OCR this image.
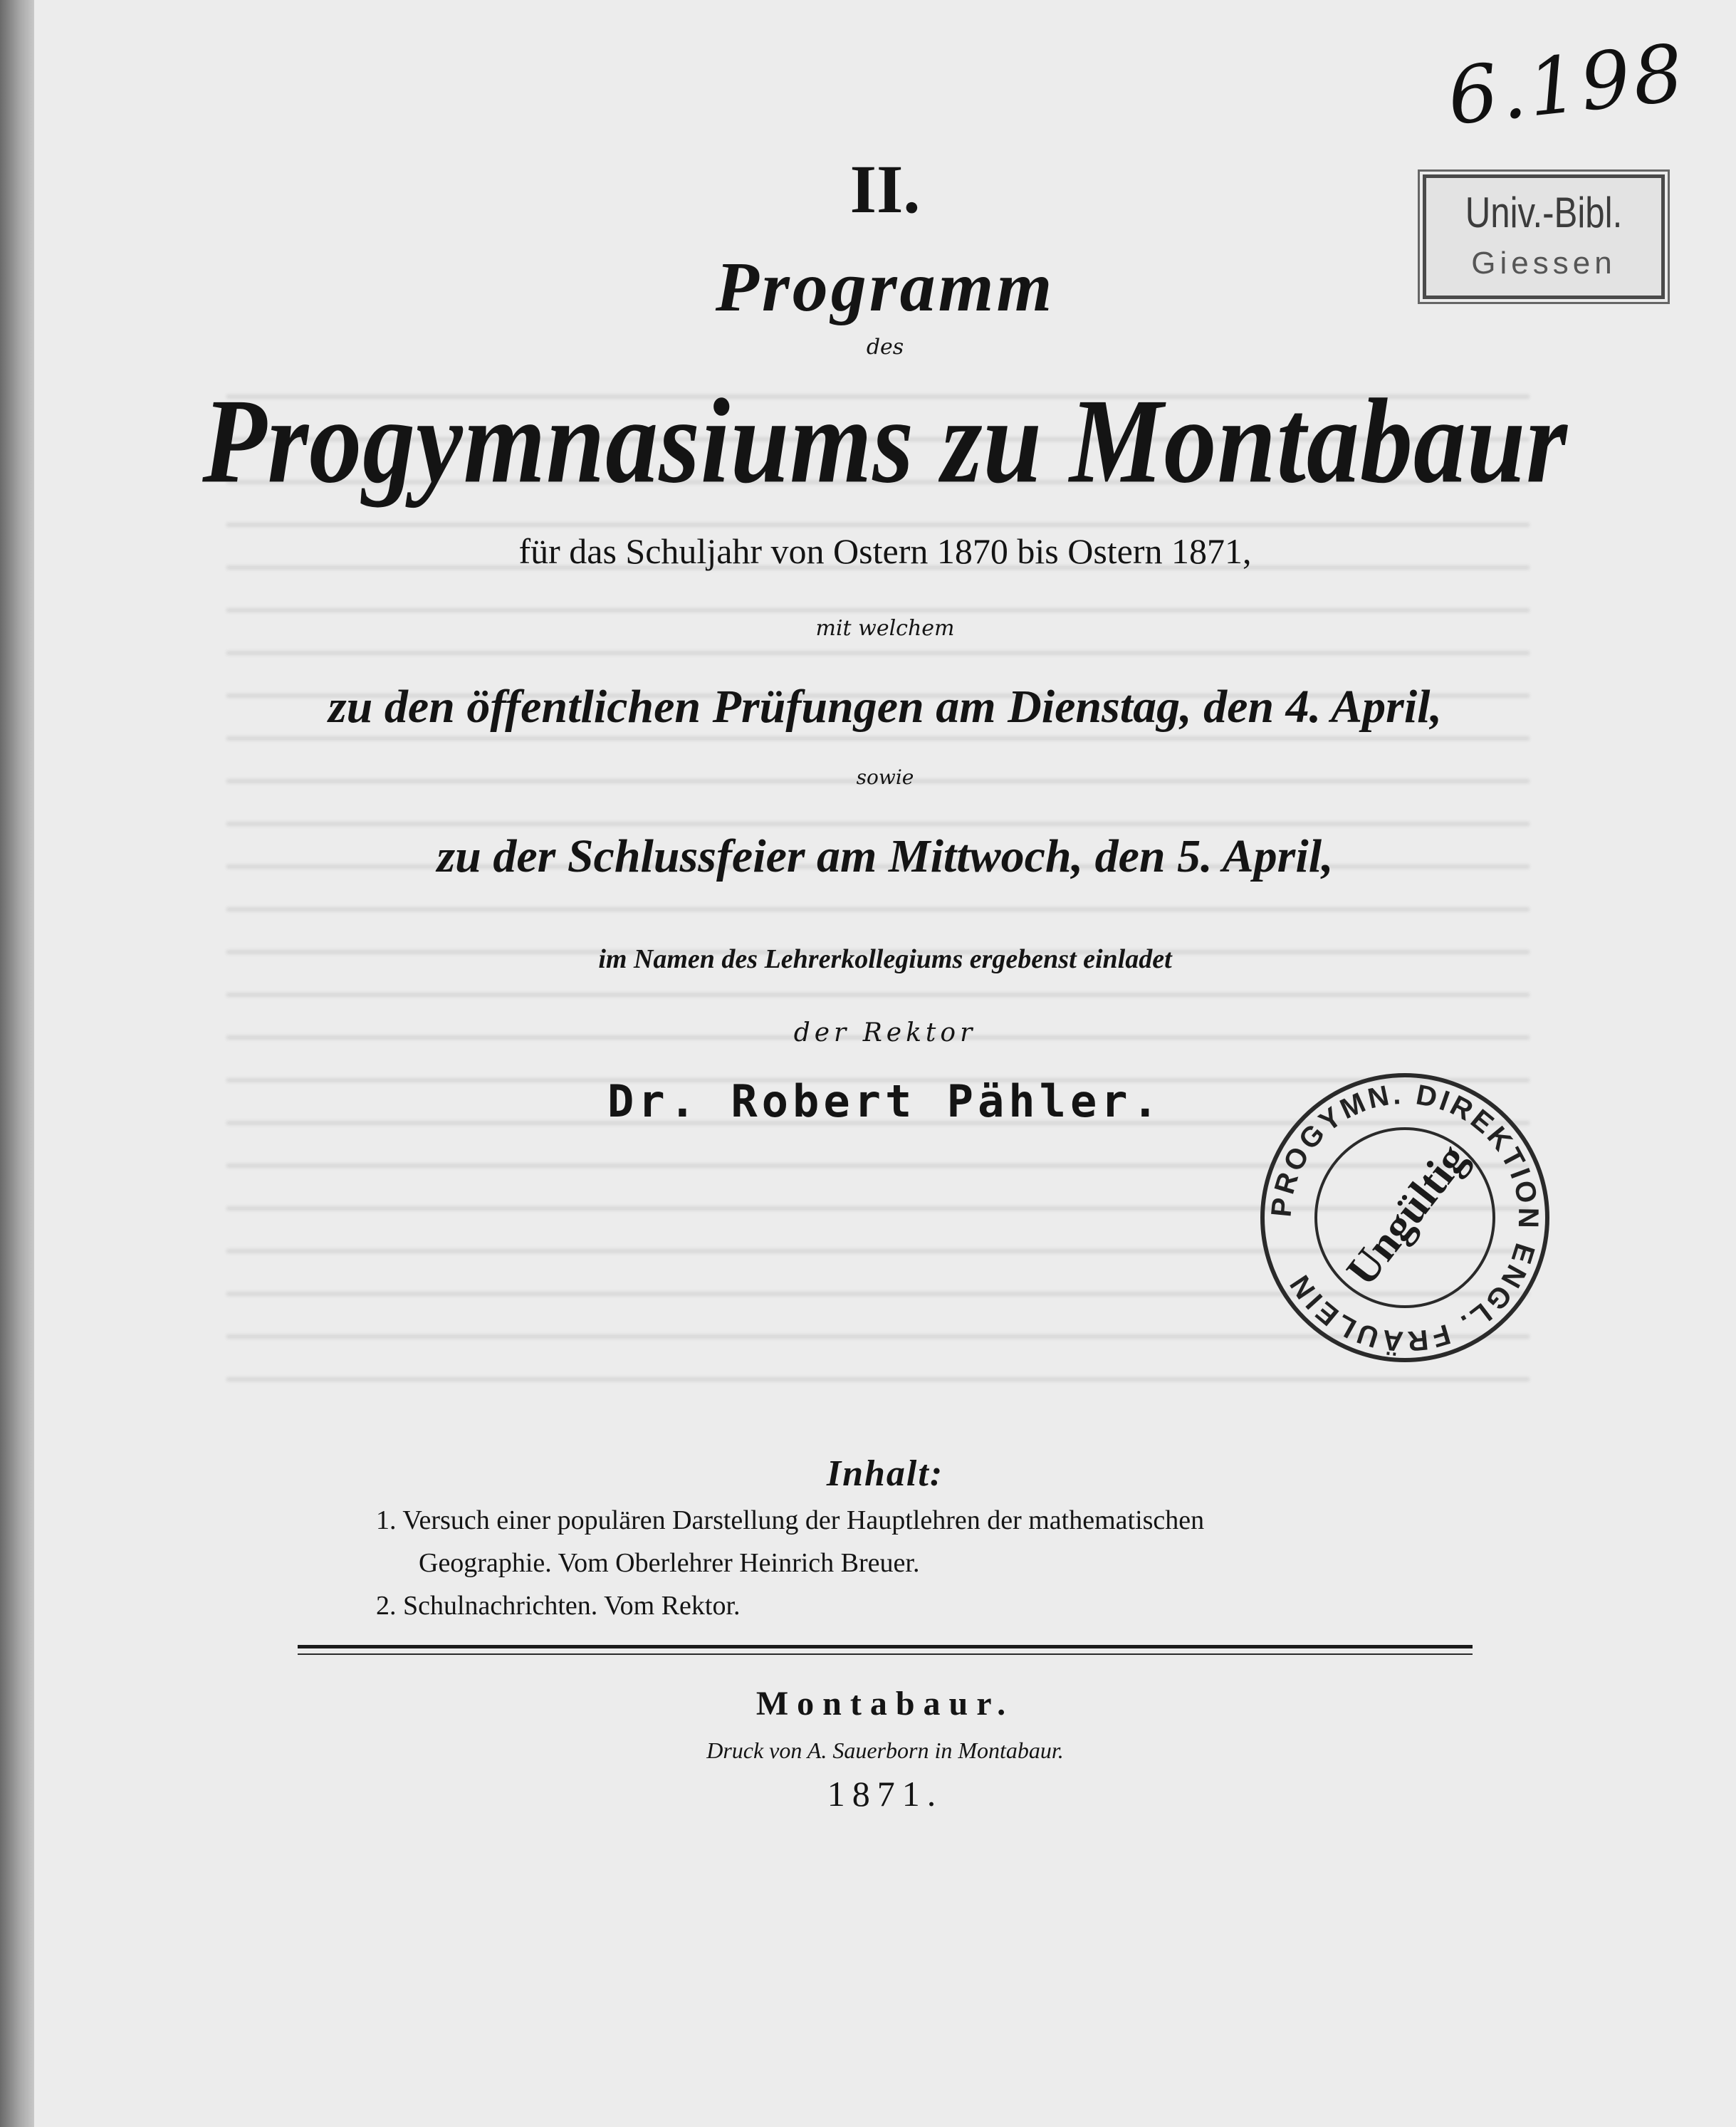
6.198
Univ.-Bibl.
Giessen
II.
Programm
des
Progymnasiums zu Montabaur
für das Schuljahr von Ostern 1870 bis Ostern 1871,
mit welchem
zu den öffentlichen Prüfungen am Dienstag, den 4. April,
sowie
zu der Schlussfeier am Mittwoch, den 5. April,
im Namen des Lehrerkollegiums ergebenst einladet
der Rektor
Dr. Robert Pähler.
PROGYMN. DIREKTION ENGL. FRÄULEIN Ungültig
Inhalt:
1. Versuch einer populären Darstellung der Hauptlehren der mathematischen
Geographie. Vom Oberlehrer Heinrich Breuer.
2. Schulnachrichten. Vom Rektor.
Montabaur.
Druck von A. Sauerborn in Montabaur.
1871.
